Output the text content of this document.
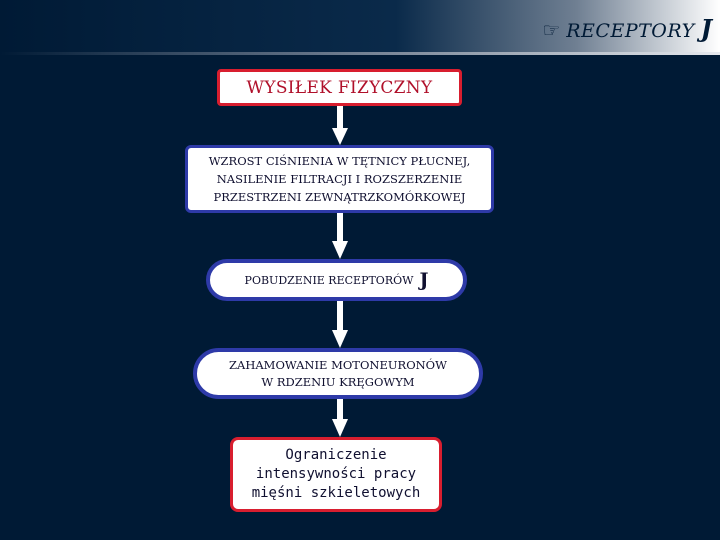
☞ RECEPTORY J
WYSIŁEK FIZYCZNY
WZROST CIŚNIENIA W TĘTNICY PŁUCNEJ,
NASILENIE FILTRACJI I ROZSZERZENIE
PRZESTRZENI ZEWNĄTRZKOMÓRKOWEJ
POBUDZENIE RECEPTORÓW J
ZAHAMOWANIE MOTONEURONÓW
W RDZENIU KRĘGOWYM
Ograniczenie
intensywności pracy
mięśni szkieletowych
